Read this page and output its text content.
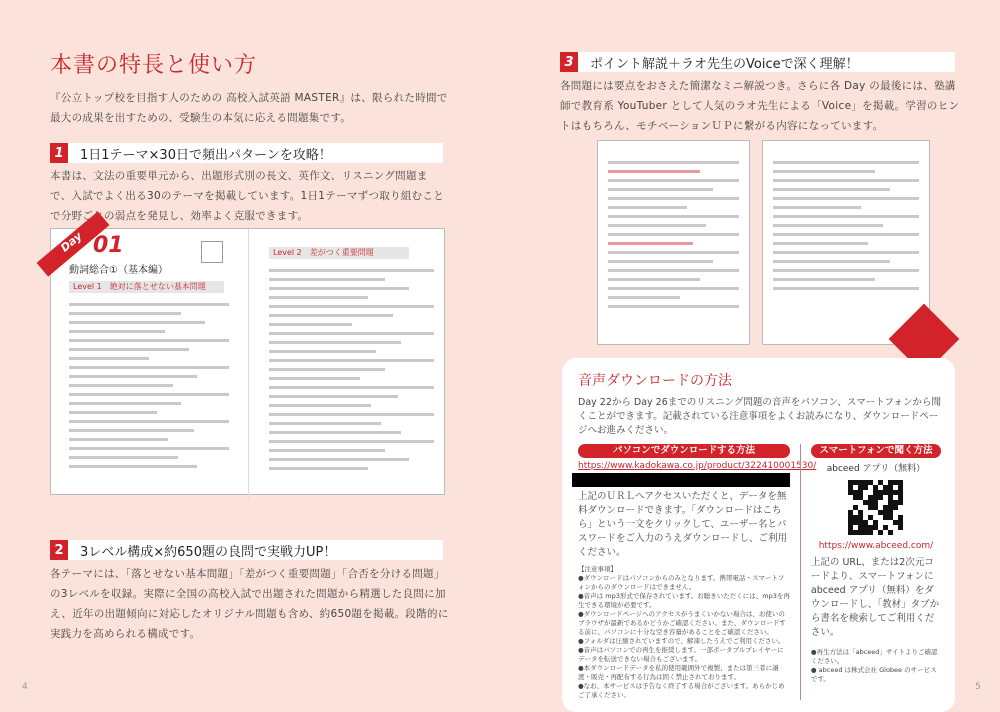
本書の特長と使い方
『公立トップ校を目指す人のための 高校入試英語 MASTER』は、限られた時間で最大の成果を出すための、受験生の本気に応える問題集です。
1	1日1テーマ×30日で頻出パターンを攻略！
本書は、文法の重要単元から、出題形式別の長文、英作文、リスニング問題まで、入試でよく出る30のテーマを掲載しています。1日1テーマずつ取り組むことで分野ごとの弱点を発見し、効率よく克服できます。
Day 01
動詞総合①（基本編）
Level 1　絶対に落とせない基本問題
Level 2　差がつく重要問題
2	3レベル構成×約650題の良問で実戦力UP！
各テーマには、「落とせない基本問題」「差がつく重要問題」「合否を分ける問題」の3レベルを収録。実際に全国の高校入試で出題された問題から精選した良問に加え、近年の出題傾向に対応したオリジナル問題も含め、約650題を掲載。段階的に実践力を高められる構成です。
4
3	ポイント解説＋ラオ先生のVoiceで深く理解！
各問題には要点をおさえた簡潔なミニ解説つき。さらに各 Day の最後には、塾講師で教育系 YouTuber として人気のラオ先生による「Voice」を掲載。学習のヒントはもちろん、モチベーションＵＰに繋がる内容になっています。
音声ダウンロードの方法
Day 22から Day 26までのリスニング問題の音声をパソコン、スマートフォンから聞くことができます。記載されている注意事項をよくお読みになり、ダウンロードページへお進みください。
パソコンでダウンロードする方法
https://www.kadokawa.co.jp/product/322410001530/
上記のＵＲＬへアクセスいただくと、データを無料ダウンロードできます。「ダウンロードはこちら」という一文をクリックして、ユーザー名とパスワードをご入力のうえダウンロードし、ご利用ください。
【注意事項】
●ダウンロードはパソコンからのみとなります。携帯電話・スマートフォンからのダウンロードはできません。
●音声は mp3形式で保存されています。お聴きいただくには、mp3を再生できる環境が必要です。
●ダウンロードページへのアクセスがうまくいかない場合は、お使いのブラウザが最新であるかどうかご確認ください。また、ダウンロードする前に、パソコンに十分な空き容量があることをご確認ください。
●フォルダは圧縮されていますので、解凍したうえでご利用ください。
●音声はパソコンでの再生を推奨します。一部ポータブルプレイヤーにデータを転送できない場合もございます。
●本ダウンロードデータを私的使用範囲外で複製、または第三者に譲渡・販売・再配布する行為は固く禁止されております。
●なお、本サービスは予告なく終了する場合がございます。あらかじめご了承ください。
スマートフォンで聞く方法
abceed アプリ（無料）
https://www.abceed.com/
上記の URL、または2次元コードより、スマートフォンに abceed アプリ（無料）をダウンロードし、「教材」タブから書名を検索してご利用ください。
●再生方法は「abceed」サイトよりご確認ください。
● abceed は株式会社 Globee のサービスです。
5
